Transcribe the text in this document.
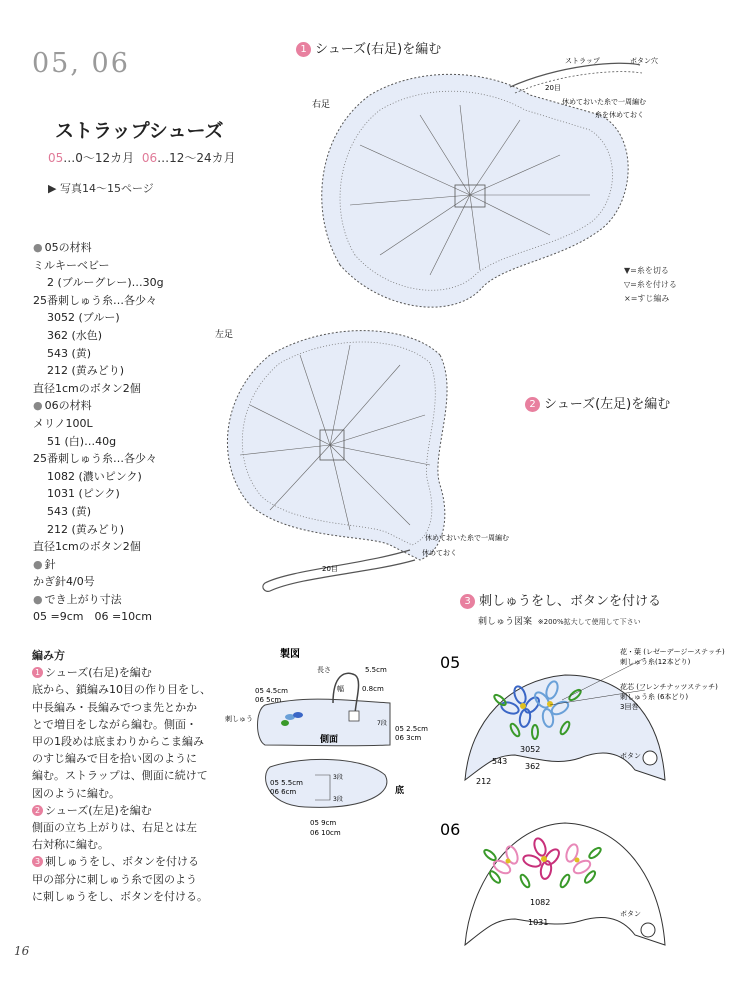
05, 06
ストラップシューズ
05…0～12カ月 06…12～24カ月
▶ 写真14～15ページ
● 05の材料
ミルキーベビー
2 (ブルーグレー)…30g
25番刺しゅう糸…各少々
3052 (ブルー)
362 (水色)
543 (黄)
212 (黄みどり)
直径1cmのボタン2個
● 06の材料
メリノ100L
51 (白)…40g
25番刺しゅう糸…各少々
1082 (濃いピンク)
1031 (ピンク)
543 (黄)
212 (黄みどり)
直径1cmのボタン2個
● 針
かぎ針4/0号
● でき上がり寸法
05 =9cm　06 =10cm
編み方
1 シューズ(右足)を編む
底から、鎖編み10目の作り目をし、
中長編み・長編みでつま先とかか
とで増目をしながら編む。側面・
甲の1段めは底まわりからこま編み
のすじ編みで目を拾い図のように
編む。ストラップは、側面に続けて
図のように編む。
2 シューズ(左足)を編む
側面の立ち上がりは、右足とは左
右対称に編む。
3 刺しゅうをし、ボタンを付ける
甲の部分に刺しゅう糸で図のよう
に刺しゅうをし、ボタンを付ける。
16
1 シューズ(右足)を編む
2 シューズ(左足)を編む
3 刺しゅうをし、ボタンを付ける
右足
ストラップ	ボタン穴
20目
休めておいた糸で一周編む
糸を休めておく
▼=糸を切る
▽=糸を付ける
×=すじ編み
左足
20目
休めておいた糸で一周編む
休めておく
製図
長さ	5.5cm
幅	0.8cm
05 4.5cm
06 5cm
刺しゅう
側面
05 2.5cm
06 3cm
7段
05 5.5cm
06 6cm
3段
3段
底
05 9cm
06 10cm
刺しゅう図案 ※200%拡大して使用して下さい
05
花・葉 (レゼーデージーステッチ)
刺しゅう糸(12本どり)
花芯 (フレンチナッツステッチ)
刺しゅう糸 (6本どり)
3回巻
3052
543
362
212
ボタン
06
1082
1031
ボタン
